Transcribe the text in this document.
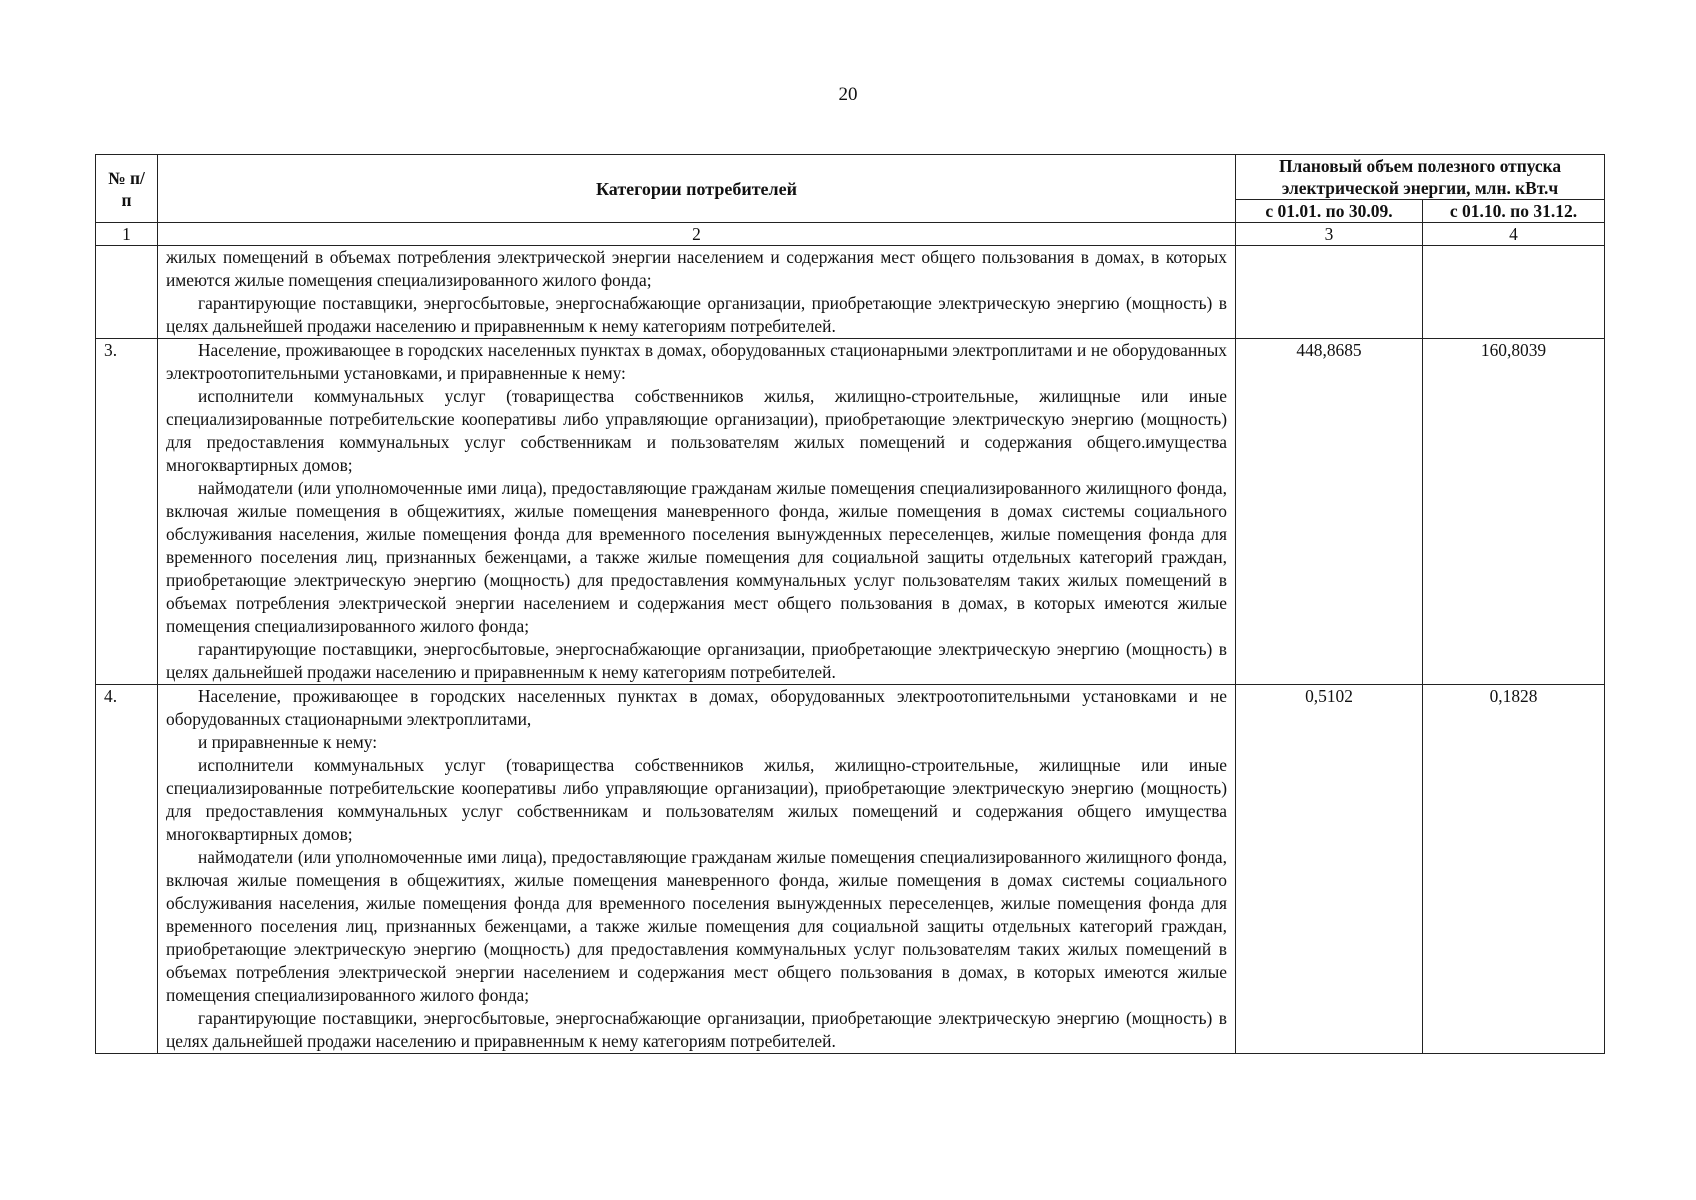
20
№ п/п	Категории потребителей	Плановый объем полезного отпуска электрической энергии, млн. кВт.ч	
		с 01.01. по 30.09.	с 01.10. по 31.12.
1	2	3	4

	жилых помещений в объемах потребления электрической энергии населением и содержания мест общего пользования в домах, в которых имеются жилые помещения специализированного жилого фонда;

гарантирующие поставщики, энергосбытовые, энергоснабжающие организации, приобретающие электрическую энергию (мощность) в целях дальнейшей продажи населению и приравненным к нему категориям потребителей.		

3.	Население, проживающее в городских населенных пунктах в домах, оборудованных стационарными электроплитами и не оборудованных электроотопительными установками, и приравненные к нему:

исполнители коммунальных услуг (товарищества собственников жилья, жилищно-строительные, жилищные или иные специализированные потребительские кооперативы либо управляющие организации), приобретающие электрическую энергию (мощность) для предоставления коммунальных услуг собственникам и пользователям жилых помещений и содержания общего.имущества многоквартирных домов;

наймодатели (или уполномоченные ими лица), предоставляющие гражданам жилые помещения специализированного жилищного фонда, включая жилые помещения в общежитиях, жилые помещения маневренного фонда, жилые помещения в домах системы социального обслуживания населения, жилые помещения фонда для временного поселения вынужденных переселенцев, жилые помещения фонда для временного поселения лиц, признанных беженцами, а также жилые помещения для социальной защиты отдельных категорий граждан, приобретающие электрическую энергию (мощность) для предоставления коммунальных услуг пользователям таких жилых помещений в объемах потребления электрической энергии населением и содержания мест общего пользования в домах, в которых имеются жилые помещения специализированного жилого фонда;

гарантирующие поставщики, энергосбытовые, энергоснабжающие организации, приобретающие электрическую энергию (мощность) в целях дальнейшей продажи населению и приравненным к нему категориям потребителей.	448,8685	160,8039
4.	Население, проживающее в городских населенных пунктах в домах, оборудованных электроотопительными установками и не оборудованных стационарными электроплитами,

и приравненные к нему:

исполнители коммунальных услуг (товарищества собственников жилья, жилищно-строительные, жилищные или иные специализированные потребительские кооперативы либо управляющие организации), приобретающие электрическую энергию (мощность) для предоставления коммунальных услуг собственникам и пользователям жилых помещений и содержания общего имущества многоквартирных домов;

наймодатели (или уполномоченные ими лица), предоставляющие гражданам жилые помещения специализированного жилищного фонда, включая жилые помещения в общежитиях, жилые помещения маневренного фонда, жилые помещения в домах системы социального обслуживания населения, жилые помещения фонда для временного поселения вынужденных переселенцев, жилые помещения фонда для временного поселения лиц, признанных беженцами, а также жилые помещения для социальной защиты отдельных категорий граждан, приобретающие электрическую энергию (мощность) для предоставления коммунальных услуг пользователям таких жилых помещений в объемах потребления электрической энергии населением и содержания мест общего пользования в домах, в которых имеются жилые помещения специализированного жилого фонда;

гарантирующие поставщики, энергосбытовые, энергоснабжающие организации, приобретающие электрическую энергию (мощность) в целях дальнейшей продажи населению и приравненным к нему категориям потребителей.	0,5102	0,1828
